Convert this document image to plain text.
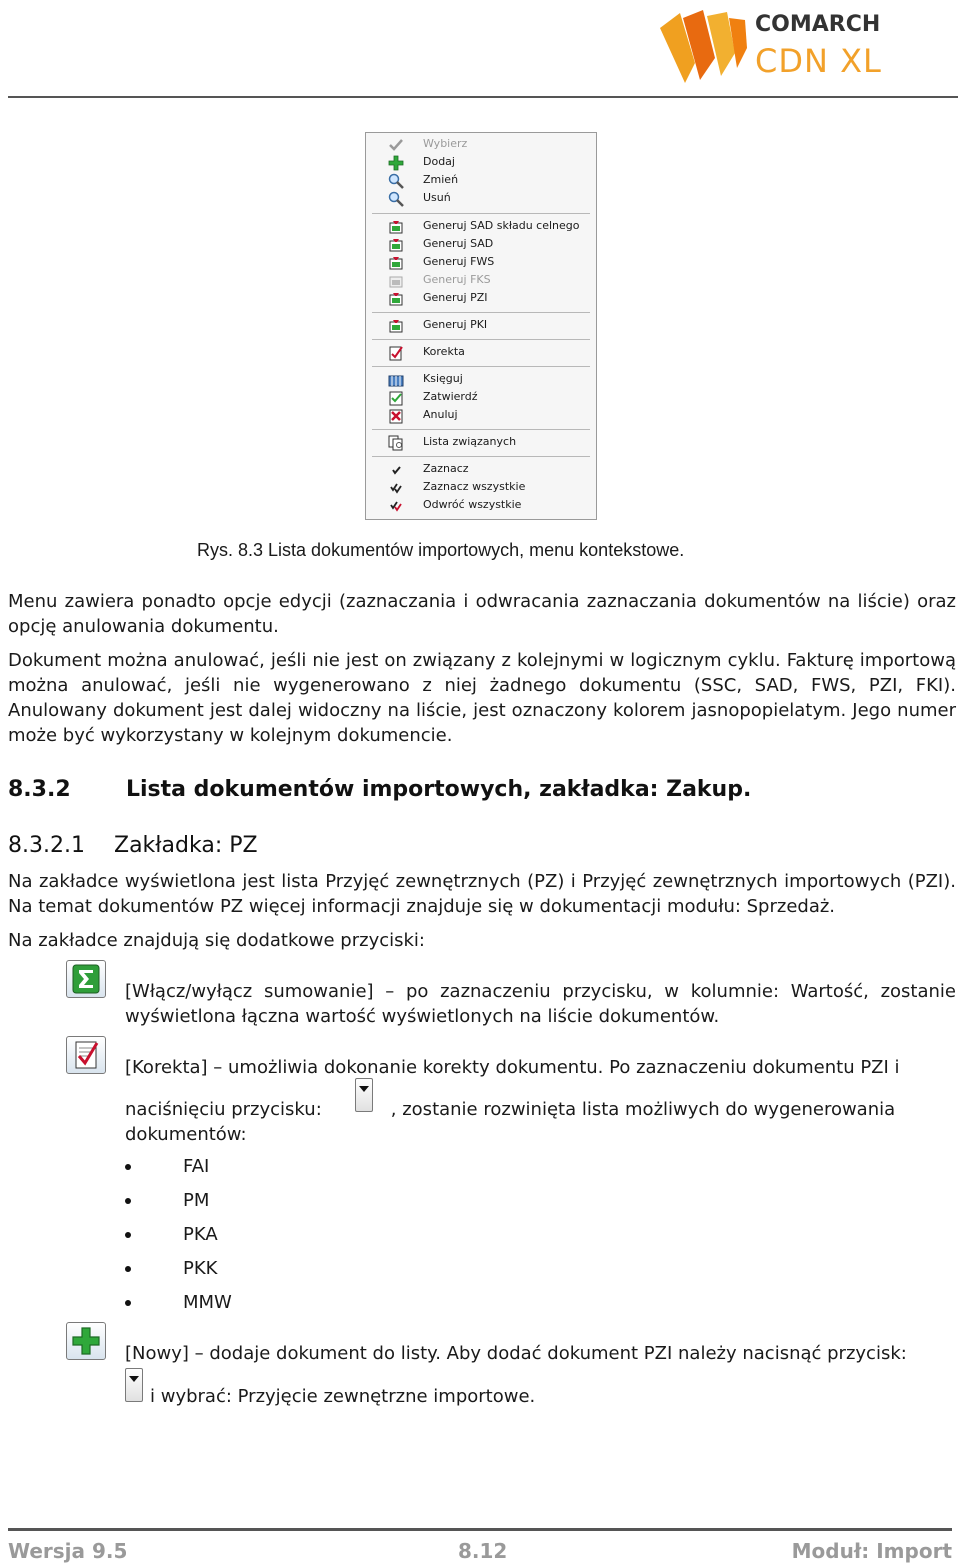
COMARCH
CDN XL
Wybierz
Dodaj
Zmień
Usuń
Generuj SAD składu celnego
Generuj SAD
Generuj FWS
Generuj FKS
Generuj PZI
Generuj PKI
Korekta
Księguj
Zatwierdź
Anuluj
Lista związanych
Zaznacz
Zaznacz wszystkie
Odwróć wszystkie
Rys. 8.3 Lista dokumentów importowych, menu kontekstowe.
Menu zawiera ponadto opcje edycji (zaznaczania i odwracania zaznaczania dokumentów na liście) oraz opcję anulowania dokumentu.
Dokument można anulować, jeśli nie jest on związany z kolejnymi w logicznym cyklu. Fakturę importową można anulować, jeśli nie wygenerowano z niej żadnego dokumentu (SSC, SAD, FWS, PZI, FKI). Anulowany dokument jest dalej widoczny na liście, jest oznaczony kolorem jasnopopielatym. Jego numer może być wykorzystany w kolejnym dokumencie.
8.3.2	Lista dokumentów importowych, zakładka: Zakup.
8.3.2.1 Zakładka: PZ
Na zakładce wyświetlona jest lista Przyjęć zewnętrznych (PZ) i Przyjęć zewnętrznych importowych (PZI). Na temat dokumentów PZ więcej informacji znajduje się w dokumentacji modułu: Sprzedaż.
Na zakładce znajdują się dodatkowe przyciski:
[Włącz/wyłącz sumowanie] – po zaznaczeniu przycisku, w kolumnie: Wartość, zostanie wyświetlona łączna wartość wyświetlonych na liście dokumentów.
[Korekta] – umożliwia dokonanie korekty dokumentu. Po zaznaczeniu dokumentu PZI i
naciśnięciu przycisku:	, zostanie rozwinięta lista możliwych do wygenerowania dokumentów:
FAI
PM
PKA
PKK
MMW
[Nowy] – dodaje dokument do listy. Aby dodać dokument PZI należy nacisnąć przycisk:
i wybrać: Przyjęcie zewnętrzne importowe.
Wersja 9.5	8.12	Moduł: Import
